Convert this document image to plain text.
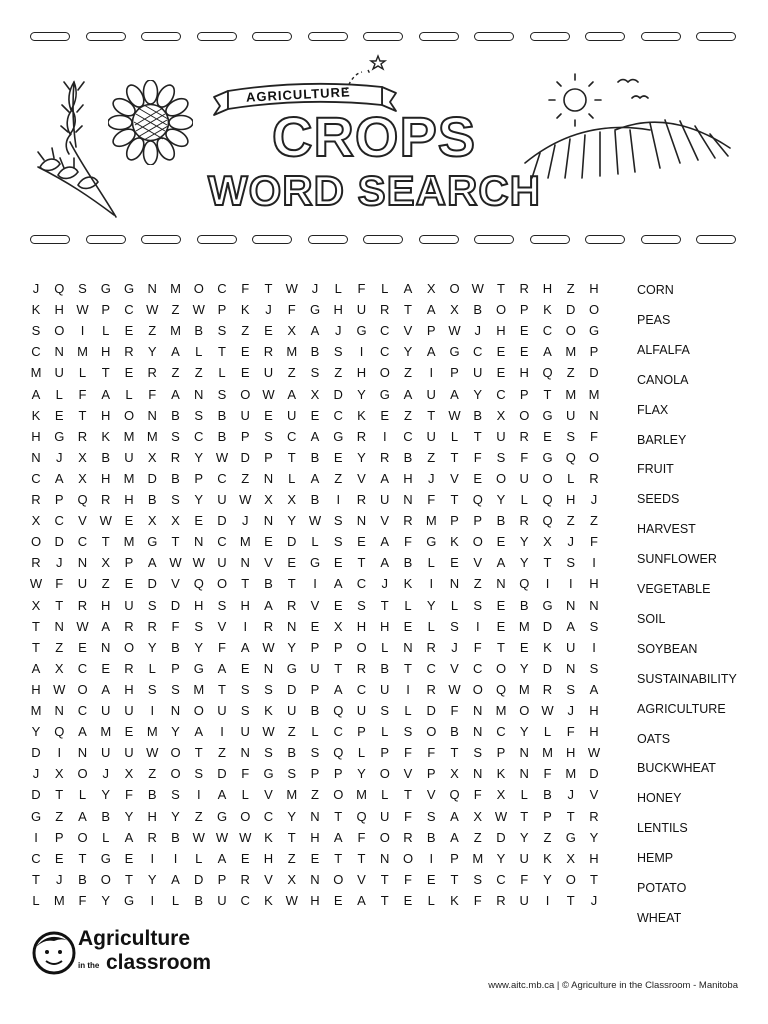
AGRICULTURE
CROPS
WORD SEARCH
J	Q S G G N M O C	F	T	W	J	L	F	L	A X O W	T	R H	Z	H
K H W P C W	Z	W P K	J	F	G H U R	T	A X B O P K D O
S O	I	L	E	Z	M B S	Z	E X A	J	G C V P W	J	H E C O G
C N M H R Y A	L	T	E R M B S	I	C Y A G C E E A M P
M U	L	T	E R	Z	Z	L	E U	Z	S	Z	H O	Z	I	P U E H Q	Z	D
A	L	F	A	L	F	A N S O W A X D Y G A U A Y C P	T	M M
K E	T	H O N B S B U E U E C K E	Z	T	W B X O G U N
H G R K M M S C B P S C A G R	I	C U	L	T	U R E S	F
N	J	X B U X R Y W D P	T	B E Y R B	Z	T	F	S	F	G Q O
C A X H M D B P C	Z	N	L	A	Z	V A H	J	V E O U O	L	R
R P Q R H B S Y U W X X B	I	R U N	F	T	Q Y	L	Q H	J
X C V W E X X E D	J	N Y W S N V R M P P B R Q	Z	Z
O D C	T	M G	T	N C M E D	L	S E A	F	G K O E Y X	J	F
R	J	N X P A W W U N V E G E	T	A B	L	E V A Y	T	S	I
W	F	U	Z	E D V Q O	T	B	T	I	A C	J	K	I	N	Z	N Q	I	I	H
X	T	R H U S D H S H A R V E S	T	L	Y	L	S E B G N N
T	N W A R R	F	S V	I	R N E X H H E	L	S	I	E M D A S
T	Z	E N O Y B Y	F	A W Y P P O	L	N R	J	F	T	E K U	I
A X C E R	L	P G A E N G U	T	R B	T	C V C O Y D N S
H W O A H S S M	T	S S D P A C U	I	R W O Q M R S A
M N C U U	I	N O U S K U B Q U S	L	D	F	N M O W	J	H
Y Q A M E M Y A	I	U W	Z	L	C P	L	S O B N C Y	L	F	H
D	I	N U U W O	T	Z	N S B S Q	L	P	F	F	T	S P N M H W
J	X O	J	X	Z	O S D	F	G S P P Y O V P X N K N	F	M D
D	T	L	Y	F	B S	I	A	L	V M	Z	O M	L	T	V Q	F	X	L	B	J	V
G	Z	A B Y H Y	Z	G O C Y N	T	Q U	F	S A X W	T	P	T	R
I	P O	L	A R B W W W K	T	H A	F	O R B A	Z	D Y	Z	G Y
C E	T	G E	I	I	L	A E H	Z	E	T	T	N O	I	P M Y U K X H
T	J	B O	T	Y A D P R V X N O V	T	F	E	T	S C	F	Y O	T
L	M	F	Y G	I	L	B U C K W H E A	T	E	L	K	F	R U	I	T	J
CORN
PEAS
ALFALFA
CANOLA
FLAX
BARLEY
FRUIT
SEEDS
HARVEST
SUNFLOWER
VEGETABLE
SOIL
SOYBEAN
SUSTAINABILITY
AGRICULTURE
OATS
BUCKWHEAT
HONEY
LENTILS
HEMP
POTATO
WHEAT
Agriculture
in the classroom
www.aitc.mb.ca | © Agriculture in the Classroom - Manitoba
